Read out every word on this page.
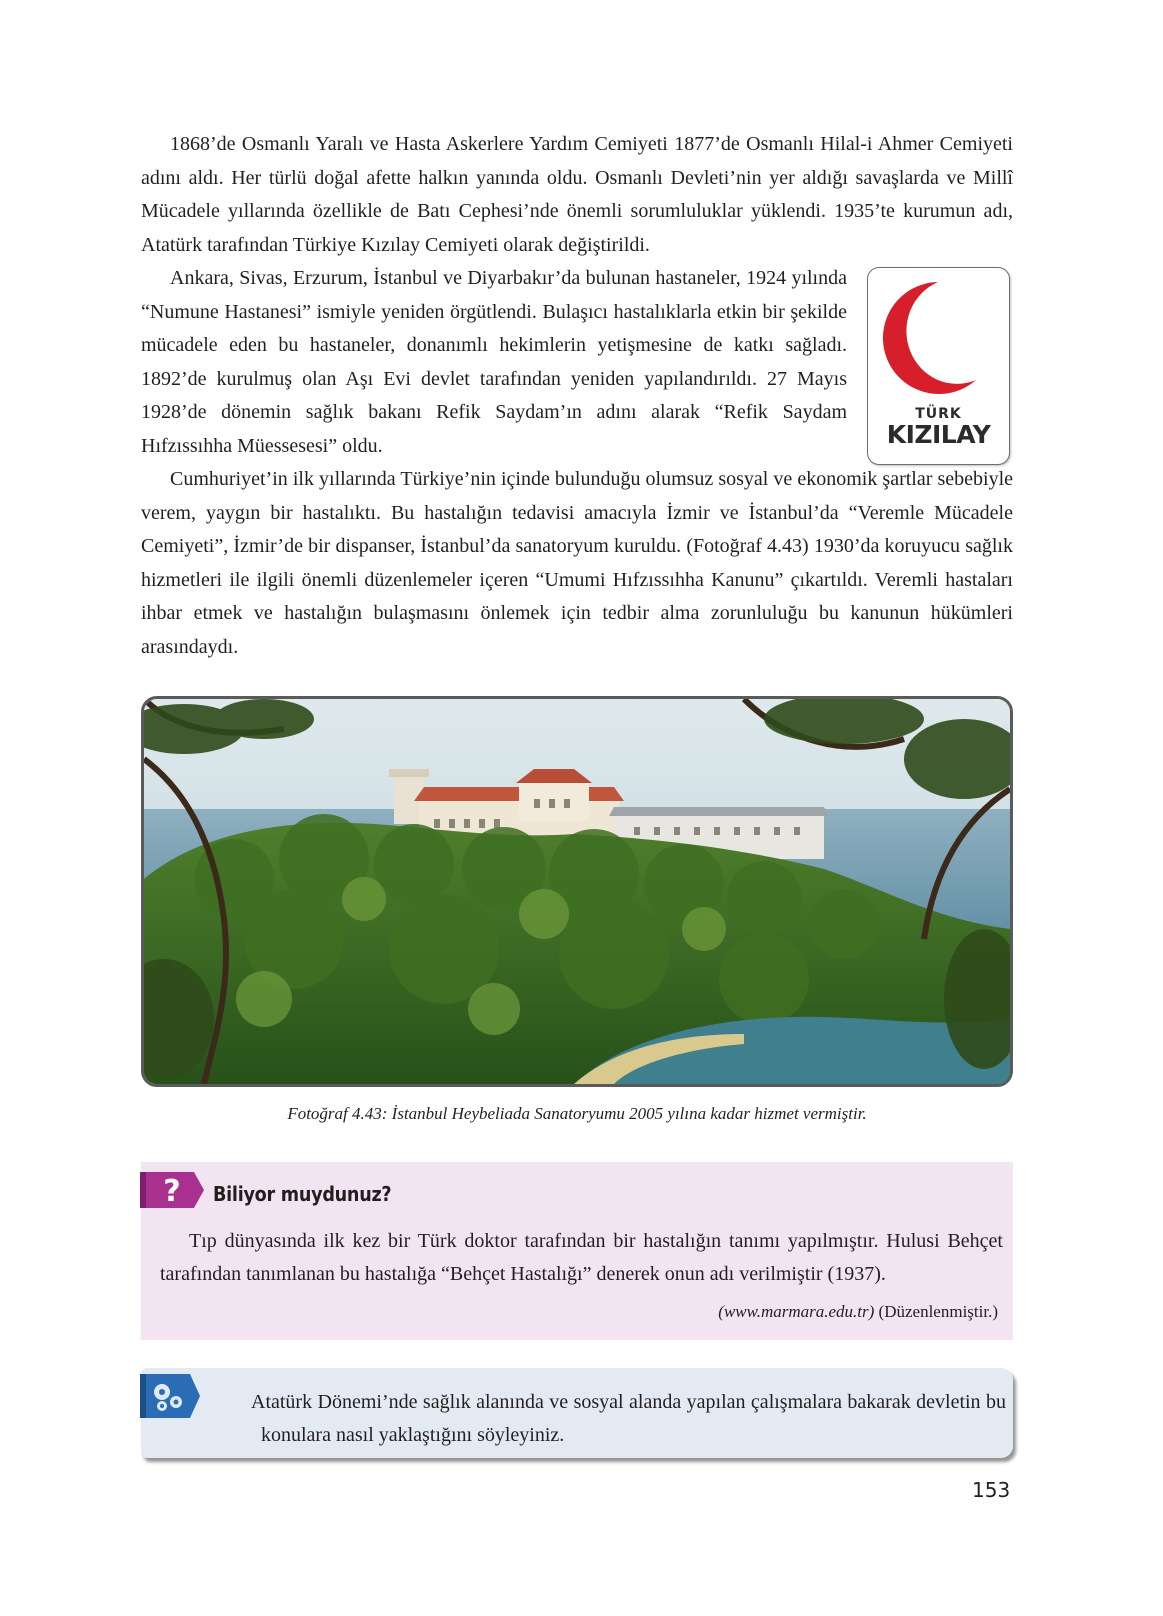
1868’de Osmanlı Yaralı ve Hasta Askerlere Yardım Cemiyeti 1877’de Osmanlı Hilal-i Ahmer Cemiyeti adını aldı. Her türlü doğal afette halkın yanında oldu. Osmanlı Devleti’nin yer aldığı savaşlarda ve Millî Mücadele yıllarında özellikle de Batı Cephesi’nde önemli sorumluluklar yüklendi. 1935’te kurumun adı, Atatürk tarafından Türkiye Kızılay Cemiyeti olarak değiştirildi.

Ankara, Sivas, Erzurum, İstanbul ve Diyarbakır’da bulunan hastaneler, 1924 yılında “Numune Hastanesi” ismiyle yeniden örgütlendi. Bulaşıcı hastalıklarla etkin bir şekilde mücadele eden bu hastaneler, donanımlı hekimlerin yetişmesine de katkı sağladı. 1892’de kurulmuş olan Aşı Evi devlet tarafından yeniden yapılandırıldı. 27 Mayıs 1928’de dönemin sağlık bakanı Refik Saydam’ın adını alarak “Refik Saydam Hıfzıssıhha Müessesesi” oldu.

TÜRK
KIZILAY

Cumhuriyet’in ilk yıllarında Türkiye’nin içinde bulunduğu olumsuz sosyal ve ekonomik şartlar sebebiyle verem, yaygın bir hastalıktı. Bu hastalığın tedavisi amacıyla İzmir ve İstanbul’da “Veremle Mücadele Cemiyeti”, İzmir’de bir dispanser, İstanbul’da sanatoryum kuruldu. (Fotoğraf 4.43) 1930’da koruyucu sağlık hizmetleri ile ilgili önemli düzenlemeler içeren “Umumi Hıfzıssıhha Kanunu” çıkartıldı. Veremli hastaları ihbar etmek ve hastalığın bulaşmasını önlemek için tedbir alma zorunluluğu bu kanunun hükümleri arasındaydı.

Fotoğraf 4.43: İstanbul Heybeliada Sanatoryumu 2005 yılına kadar hizmet vermiştir.
? Biliyor muydunuz?

Tıp dünyasında ilk kez bir Türk doktor tarafından bir hastalığın tanımı yapılmıştır. Hulusi Behçet tarafından tanımlanan bu hastalığa “Behçet Hastalığı” denerek onun adı verilmiştir (1937).

(www.marmara.edu.tr) (Düzenlenmiştir.)

Atatürk Dönemi’nde sağlık alanında ve sosyal alanda yapılan çalışmalara bakarak devletin bu konulara nasıl yaklaştığını söyleyiniz.

153
